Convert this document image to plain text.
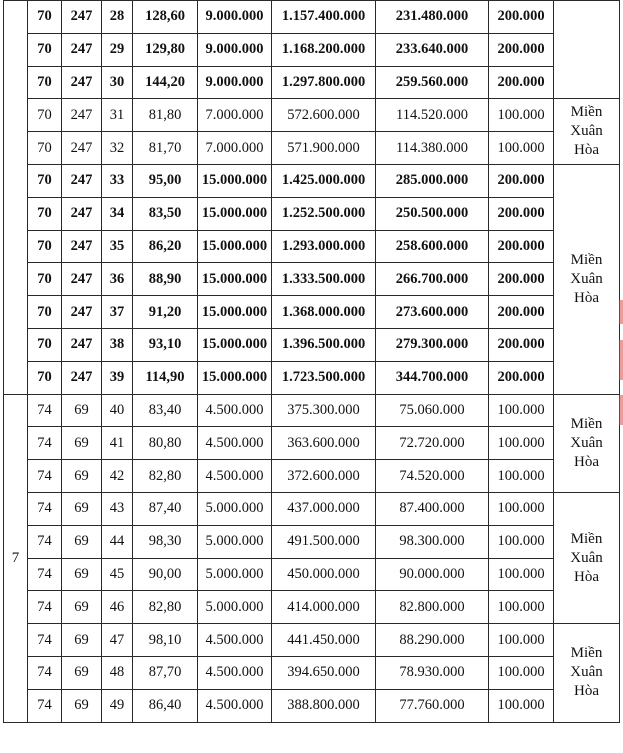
	70	247	28	128,60	9.000.000	1.157.400.000	231.480.000	200.000	
	70	247	29	129,80	9.000.000	1.168.200.000	233.640.000	200.000	
	70	247	30	144,20	9.000.000	1.297.800.000	259.560.000	200.000	
	70	247	31	81,80	7.000.000	572.600.000	114.520.000	100.000	Miền
Xuân
Hòa

	70	247	32	81,70	7.000.000	571.900.000	114.380.000	100.000	
	70	247	33	95,00	15.000.000	1.425.000.000	285.000.000	200.000	Miền
Xuân
Hòa

	70	247	34	83,50	15.000.000	1.252.500.000	250.500.000	200.000	
	70	247	35	86,20	15.000.000	1.293.000.000	258.600.000	200.000	
	70	247	36	88,90	15.000.000	1.333.500.000	266.700.000	200.000	
	70	247	37	91,20	15.000.000	1.368.000.000	273.600.000	200.000	
	70	247	38	93,10	15.000.000	1.396.500.000	279.300.000	200.000	
	70	247	39	114,90	15.000.000	1.723.500.000	344.700.000	200.000	
7	74	69	40	83,40	4.500.000	375.300.000	75.060.000	100.000	Miền
Xuân
Hòa

	74	69	41	80,80	4.500.000	363.600.000	72.720.000	100.000	
	74	69	42	82,80	4.500.000	372.600.000	74.520.000	100.000	
	74	69	43	87,40	5.000.000	437.000.000	87.400.000	100.000	Miền
Xuân
Hòa

	74	69	44	98,30	5.000.000	491.500.000	98.300.000	100.000	
	74	69	45	90,00	5.000.000	450.000.000	90.000.000	100.000	
	74	69	46	82,80	5.000.000	414.000.000	82.800.000	100.000	
	74	69	47	98,10	4.500.000	441.450.000	88.290.000	100.000	Miền
Xuân
Hòa

	74	69	48	87,70	4.500.000	394.650.000	78.930.000	100.000	
	74	69	49	86,40	4.500.000	388.800.000	77.760.000	100.000	
